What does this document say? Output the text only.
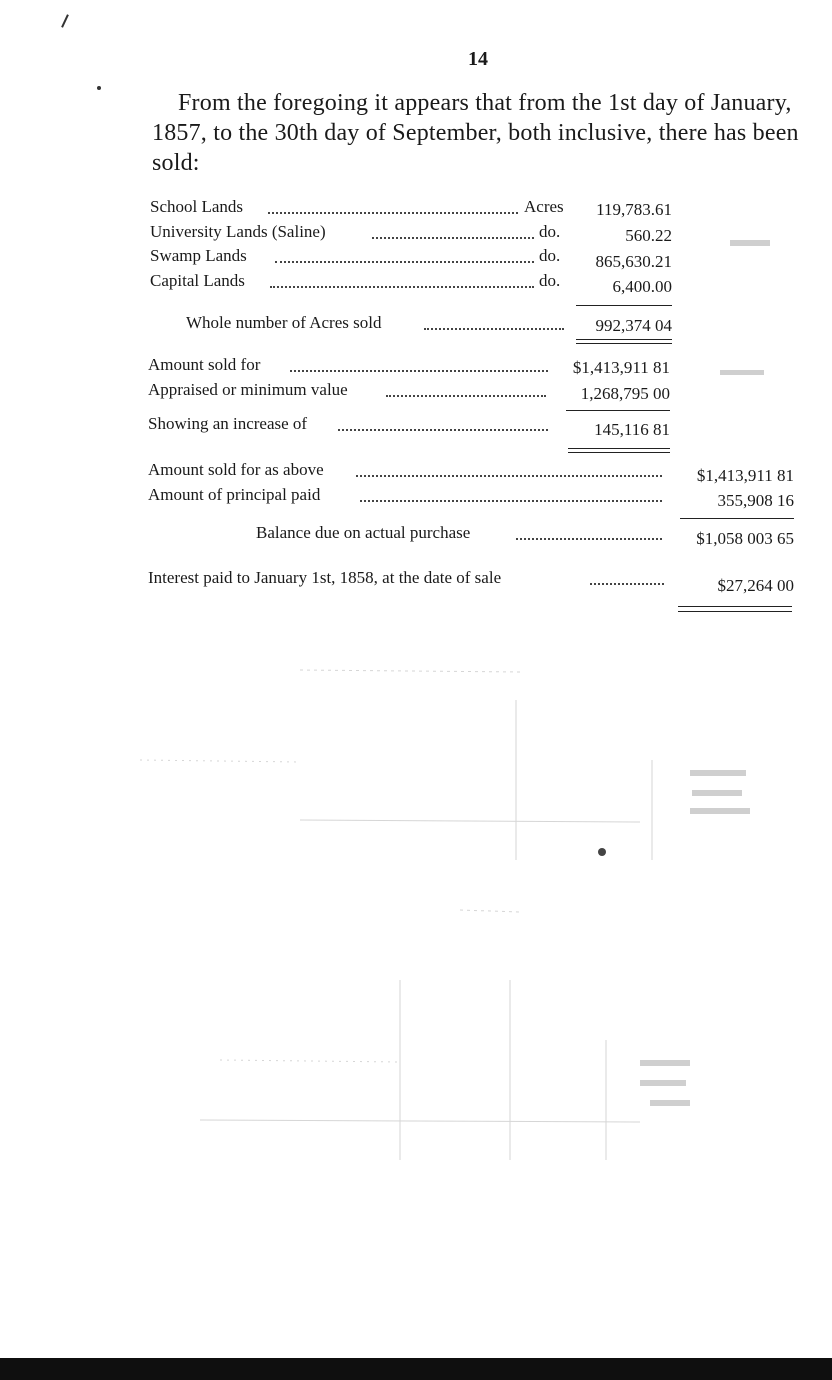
14

From the foregoing it appears that from the 1st day of January, 1857, to the 30th day of September, both inclusive, there has been sold:

School Lands	Acres 119,783.61
University Lands (Saline)	do.	560.22
Swamp Lands	do. 865,630.21
Capital Lands	do.	6,400.00
Whole number of Acres sold	992,374 04
Amount sold for	$1,413,911 81
Appraised or minimum value	1,268,795 00
Showing an increase of	145,116 81
Amount sold for as above	$1,413,911 81
Amount of principal paid	355,908 16
Balance due on actual purchase	$1,058 003 65
Interest paid to January 1st, 1858, at the date of sale	$27,264 00
